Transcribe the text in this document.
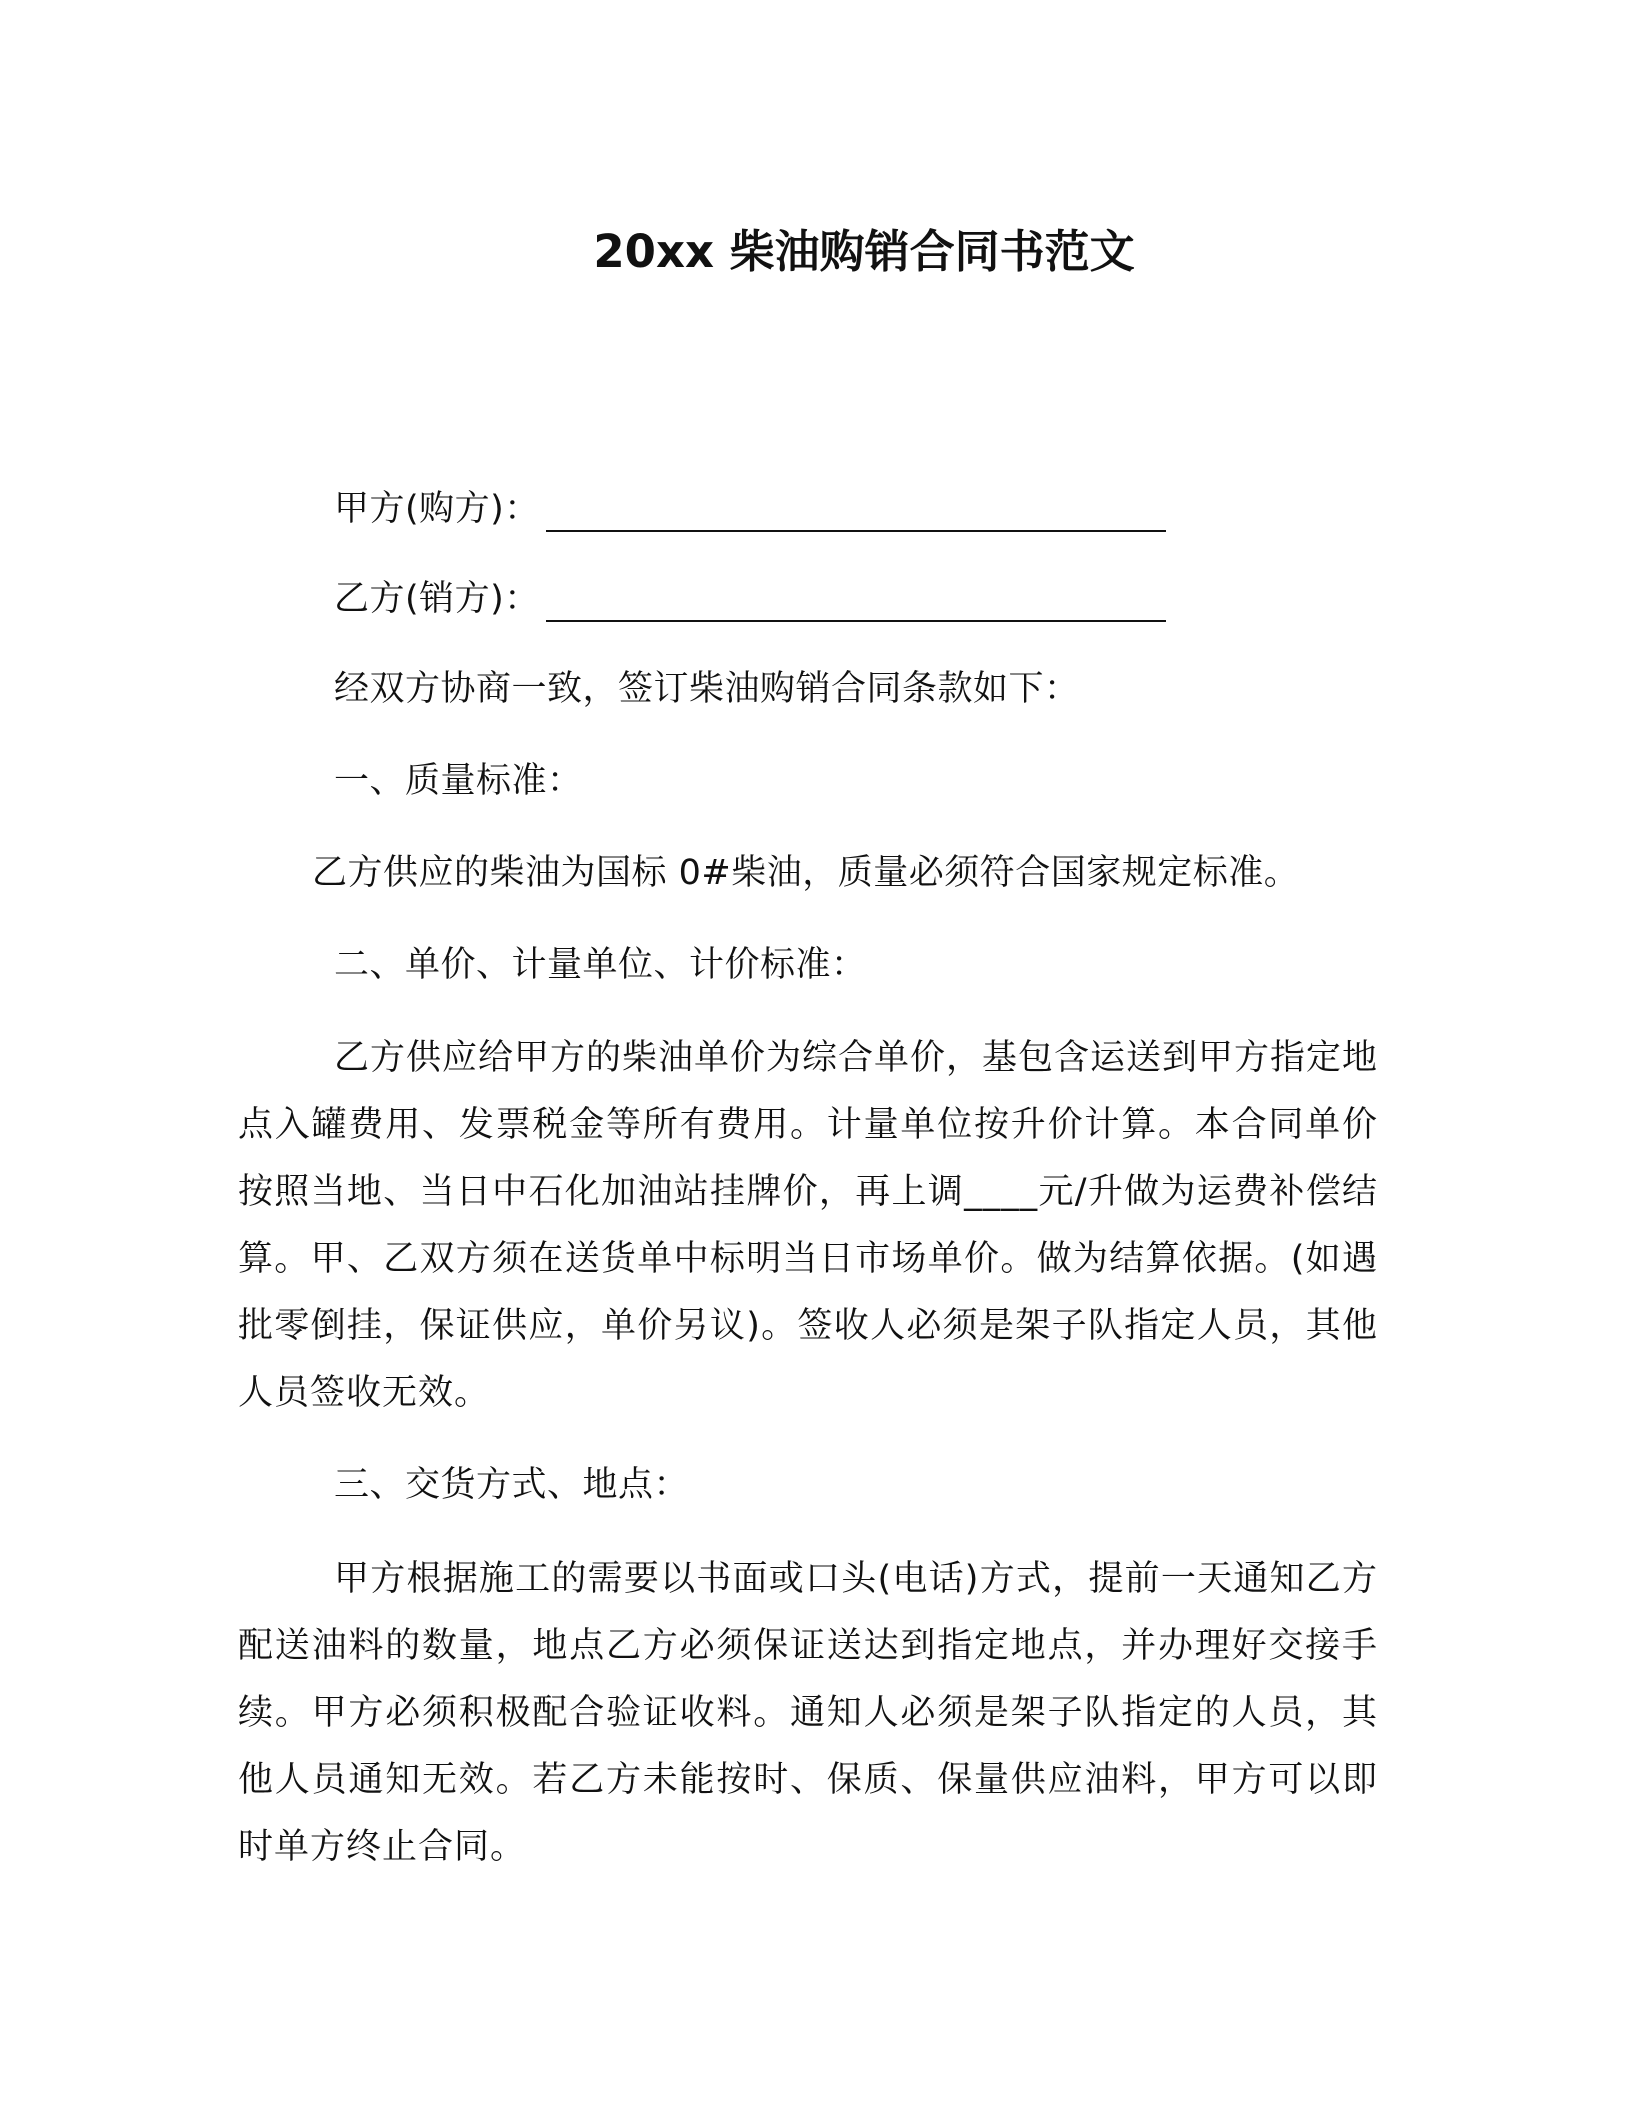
20xx 柴油购销合同书范文
甲方(购方)：
乙方(销方)：
经双方协商一致，签订柴油购销合同条款如下：
一、质量标准：
乙方供应的柴油为国标 0#柴油，质量必须符合国家规定标准。
二、单价、计量单位、计价标准：
乙方供应给甲方的柴油单价为综合单价，基包含运送到甲方指定地点入罐费用、发票税金等所有费用。计量单位按升价计算。本合同单价按照当地、当日中石化加油站挂牌价，再上调____元/升做为运费补偿结算。甲、乙双方须在送货单中标明当日市场单价。做为结算依据。(如遇批零倒挂，保证供应，单价另议)。签收人必须是架子队指定人员，其他人员签收无效。
三、交货方式、地点：
甲方根据施工的需要以书面或口头(电话)方式，提前一天通知乙方配送油料的数量，地点乙方必须保证送达到指定地点，并办理好交接手续。甲方必须积极配合验证收料。通知人必须是架子队指定的人员，其他人员通知无效。若乙方未能按时、保质、保量供应油料，甲方可以即时单方终止合同。
